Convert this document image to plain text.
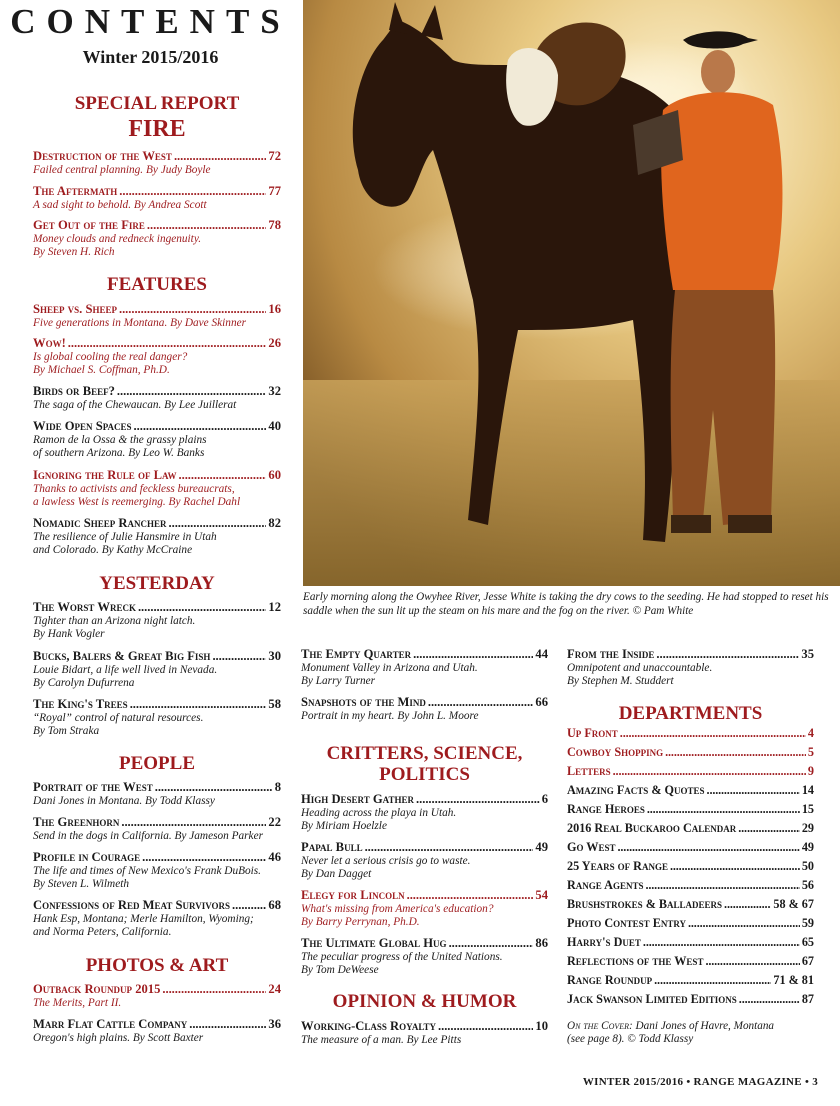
CONTENTS
Winter 2015/2016
Early morning along the Owyhee River, Jesse White is taking the dry cows to the seeding. He had stopped to reset his saddle when the sun lit up the steam on his mare and the fog on the river. © Pam White
SPECIAL REPORT
FIRE
Destruction of the West . . .	72
Failed central planning. By Judy Boyle
The Aftermath . . .	77
A sad sight to behold. By Andrea Scott
Get Out of the Fire . . .	78
Money clouds and redneck ingenuity.
By Steven H. Rich
FEATURES
Sheep vs. Sheep . . .	16
Five generations in Montana. By Dave Skinner
Wow! . . .	26
Is global cooling the real danger?
By Michael S. Coffman, Ph.D.
Birds or Beef? . . .	32
The saga of the Chewaucan. By Lee Juillerat
Wide Open Spaces . . .	40
Ramon de la Ossa & the grassy plains
of southern Arizona. By Leo W. Banks
Ignoring the Rule of Law . . .	60
Thanks to activists and feckless bureaucrats,
a lawless West is reemerging. By Rachel Dahl
Nomadic Sheep Rancher . . .	82
The resilience of Julie Hansmire in Utah
and Colorado. By Kathy McCraine
YESTERDAY
The Worst Wreck . . .	12
Tighter than an Arizona night latch.
By Hank Vogler
Bucks, Balers & Great Big Fish . . .	30
Louie Bidart, a life well lived in Nevada.
By Carolyn Dufurrena
The King's Trees . . .	58
“Royal” control of natural resources.
By Tom Straka
PEOPLE
Portrait of the West . . .	8
Dani Jones in Montana. By Todd Klassy
The Greenhorn . . .	22
Send in the dogs in California. By Jameson Parker
Profile in Courage . . .	46
The life and times of New Mexico's Frank DuBois.
By Steven L. Wilmeth
Confessions of Red Meat Survivors . . .	68
Hank Esp, Montana; Merle Hamilton, Wyoming;
and Norma Peters, California.
PHOTOS & ART
Outback Roundup 2015 . . .	24
The Merits, Part II.
Marr Flat Cattle Company . . .	36
Oregon's high plains. By Scott Baxter
The Empty Quarter . . .	44
Monument Valley in Arizona and Utah.
By Larry Turner
Snapshots of the Mind . . .	66
Portrait in my heart. By John L. Moore
CRITTERS, SCIENCE,
POLITICS
High Desert Gather . . .	6
Heading across the playa in Utah.
By Miriam Hoelzle
Papal Bull . . .	49
Never let a serious crisis go to waste.
By Dan Dagget
Elegy for Lincoln . . .	54
What's missing from America's education?
By Barry Perrynan, Ph.D.
The Ultimate Global Hug . . .	86
The peculiar progress of the United Nations.
By Tom DeWeese
OPINION & HUMOR
Working-Class Royalty . . .	10
The measure of a man. By Lee Pitts
From the Inside . . .	35
Omnipotent and unaccountable.
By Stephen M. Studdert
DEPARTMENTS
Up Front . . .	4
Cowboy Shopping . . .	5
Letters . . .	9
Amazing Facts & Quotes . . .	14
Range Heroes . . .	15
2016 Real Buckaroo Calendar . . .	29
Go West . . .	49
25 Years of Range . . .	50
Range Agents . . .	56
Brushstrokes & Balladeers . . .	58 & 67
Photo Contest Entry . . .	59
Harry's Duet . . .	65
Reflections of the West . . .	67
Range Roundup . . .	71 & 81
Jack Swanson Limited Editions . . .	87
On the Cover: Dani Jones of Havre, Montana
(see page 8). © Todd Klassy
WINTER 2015/2016 • RANGE MAGAZINE • 3
